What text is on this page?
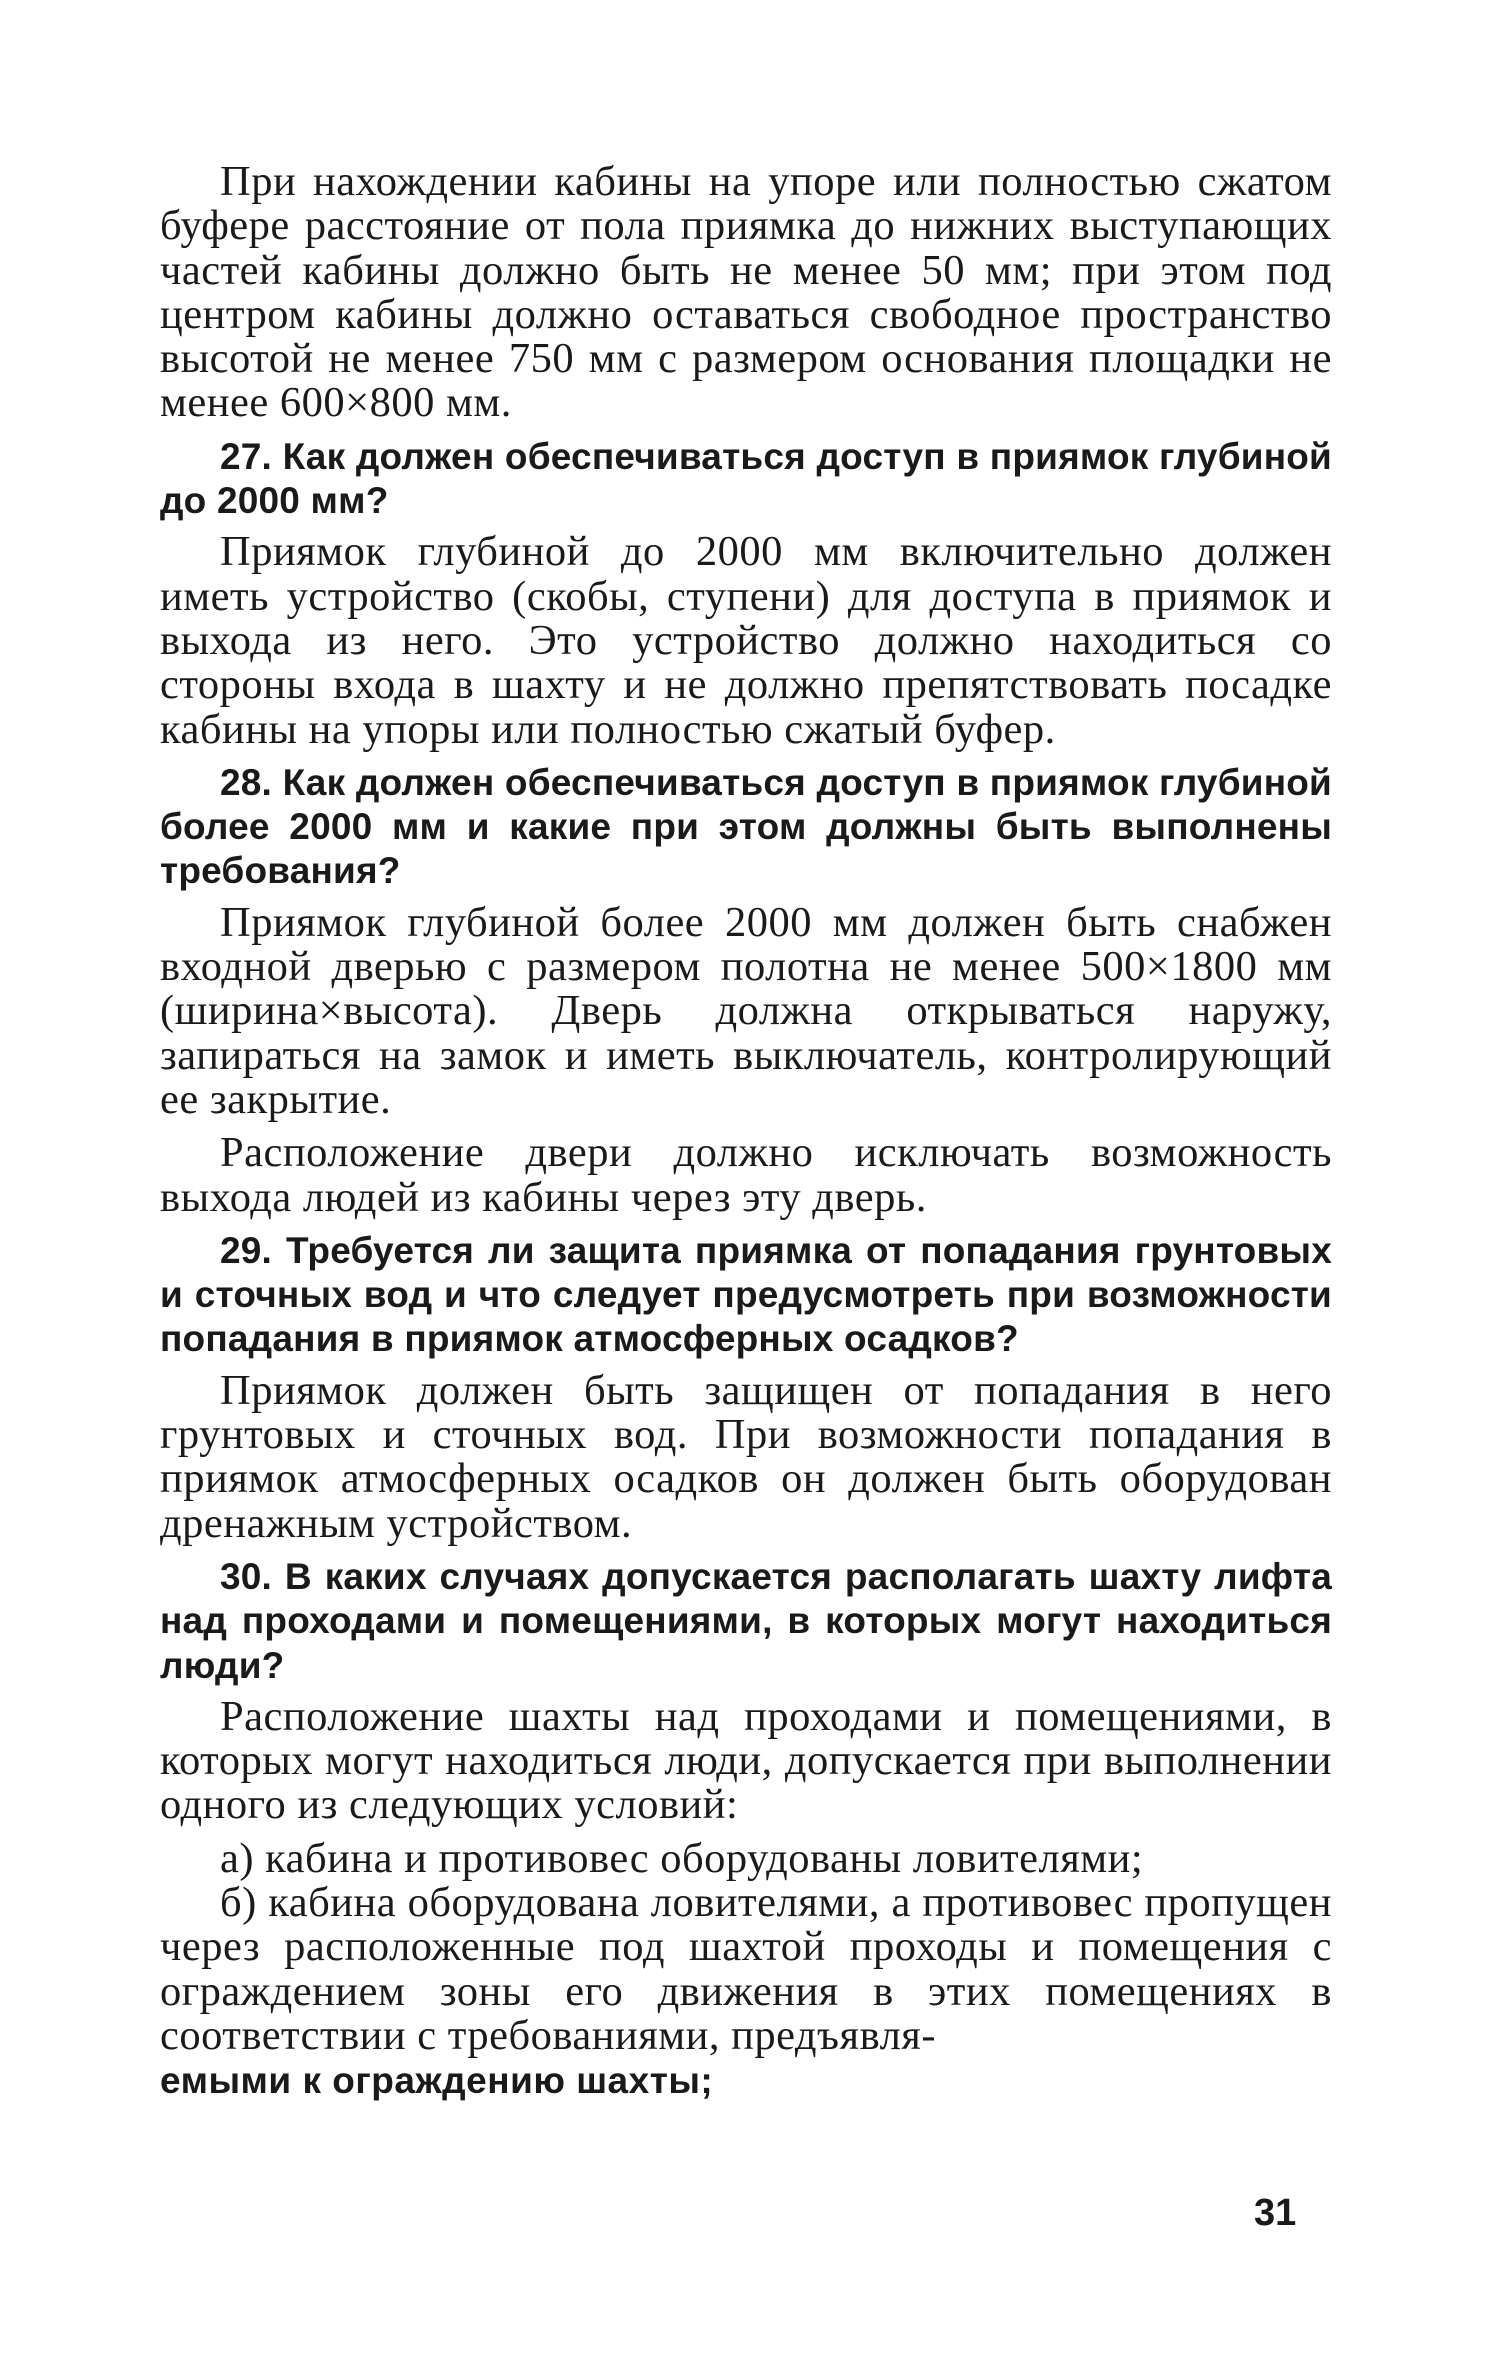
При нахождении кабины на упоре или полностью сжатом буфере расстояние от пола приямка до нижних выступающих частей кабины должно быть не менее 50 мм; при этом под центром кабины должно оставаться свободное пространство высотой не менее 750 мм с размером основания площадки не менее 600×800 мм.

27. Как должен обеспечиваться доступ в приямок глубиной до 2000 мм?

Приямок глубиной до 2000 мм включительно должен иметь устройство (скобы, ступени) для доступа в приямок и выхода из него. Это устройство должно находиться со стороны входа в шахту и не должно препятствовать посадке кабины на упоры или полностью сжатый буфер.

28. Как должен обеспечиваться доступ в приямок глубиной более 2000 мм и какие при этом должны быть выполнены требования?

Приямок глубиной более 2000 мм должен быть снабжен входной дверью с размером полотна не менее 500×1800 мм (ширина×высота). Дверь должна открываться наружу, запираться на замок и иметь выключатель, контролирующий ее закрытие.

Расположение двери должно исключать возможность выхода людей из кабины через эту дверь.

29. Требуется ли защита приямка от попадания грунтовых и сточных вод и что следует предусмотреть при возможности попадания в приямок атмосферных осадков?

Приямок должен быть защищен от попадания в него грунтовых и сточных вод. При возможности попадания в приямок атмосферных осадков он должен быть оборудован дренажным устройством.

30. В каких случаях допускается располагать шахту лифта над проходами и помещениями, в которых могут находиться люди?

Расположение шахты над проходами и помещениями, в которых могут находиться люди, допускается при выполнении одного из следующих условий:

а) кабина и противовес оборудованы ловителями;

б) кабина оборудована ловителями, а противовес пропущен через расположенные под шахтой проходы и помещения с ограждением зоны его движения в этих помещениях в соответствии с требованиями, предъявля-
емыми к ограждению шахты;

31
